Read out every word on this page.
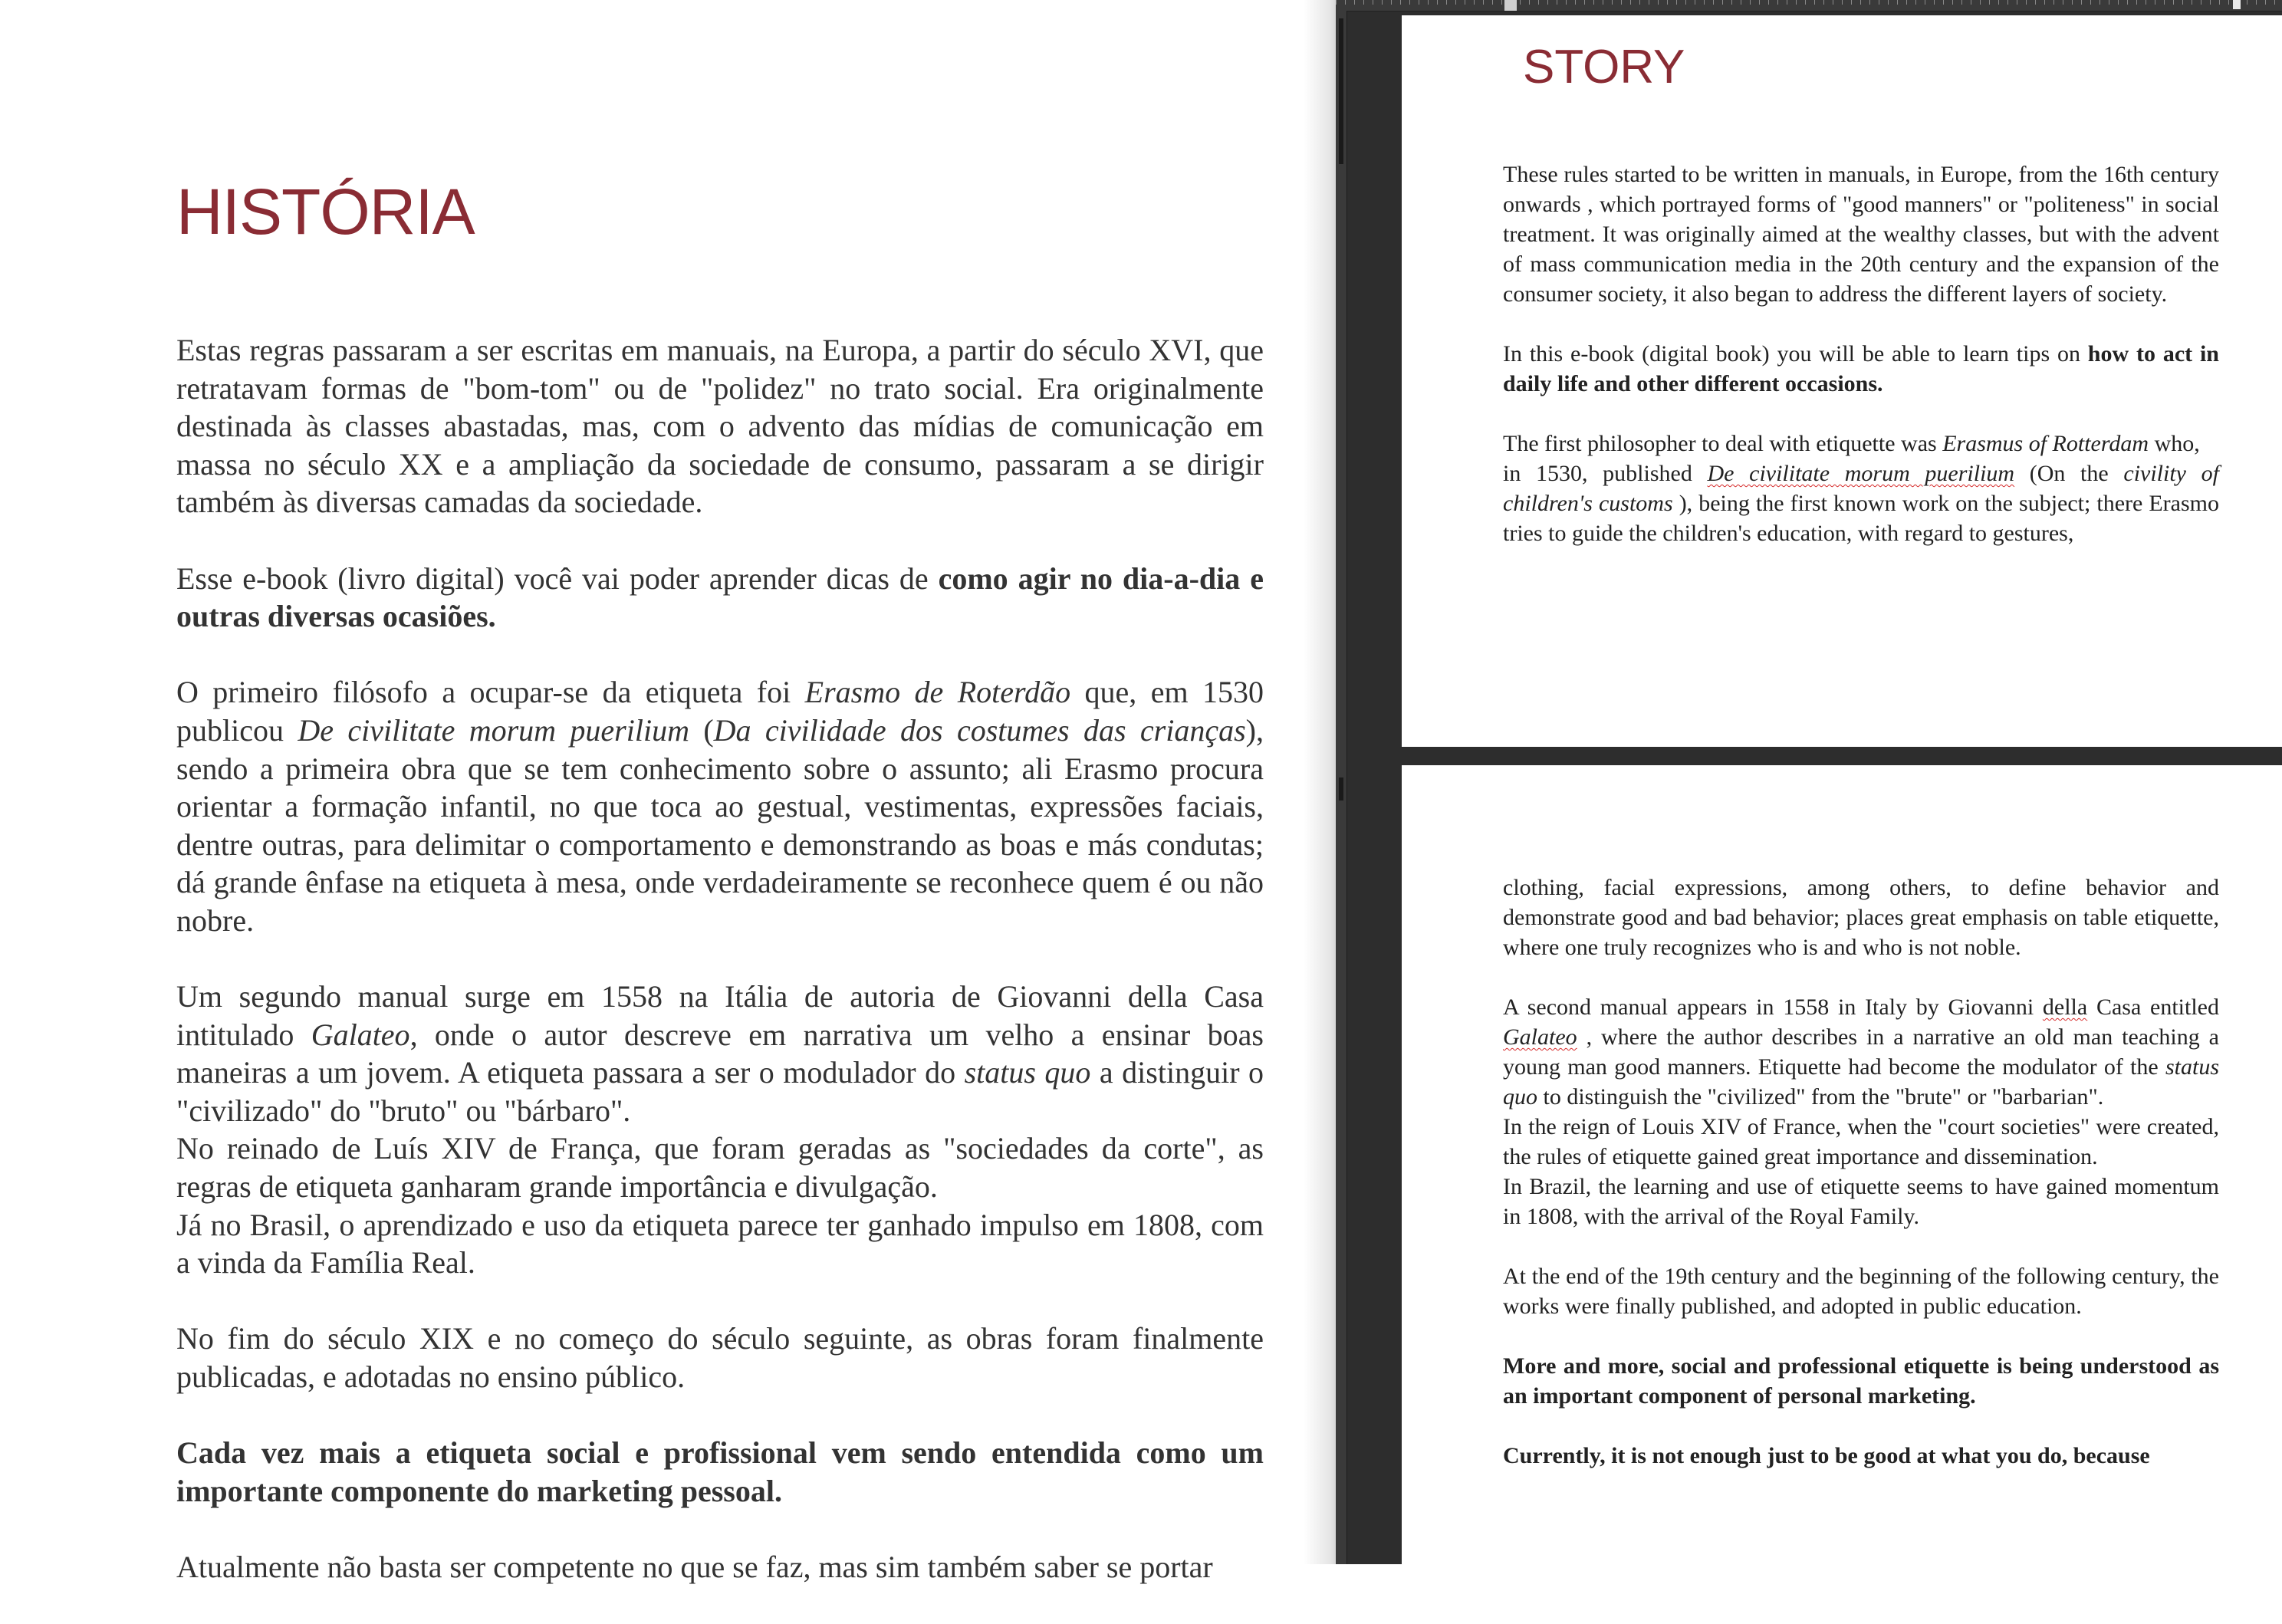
HISTÓRIA

Estas regras passaram a ser escritas em manuais, na Europa, a partir do século XVI, que retratavam formas de "bom-tom" ou de "polidez" no trato social. Era originalmente destinada às classes abastadas, mas, com o advento das mídias de comunicação em massa no século XX e a ampliação da sociedade de consumo, passaram a se dirigir também às diversas camadas da sociedade.

Esse e-book (livro digital) você vai poder aprender dicas de como agir no dia-a-dia e outras diversas ocasiões.

O primeiro filósofo a ocupar-se da etiqueta foi Erasmo de Roterdão que, em 1530 publicou De civilitate morum puerilium (Da civilidade dos costumes das crianças), sendo a primeira obra que se tem conhecimento sobre o assunto; ali Erasmo procura orientar a formação infantil, no que toca ao gestual, vestimentas, expressões faciais, dentre outras, para delimitar o comportamento e demonstrando as boas e más condutas; dá grande ênfase na etiqueta à mesa, onde verdadeiramente se reconhece quem é ou não nobre.

Um segundo manual surge em 1558 na Itália de autoria de Giovanni della Casa intitulado Galateo, onde o autor descreve em narrativa um velho a ensinar boas maneiras a um jovem. A etiqueta passara a ser o modulador do status quo a distinguir o "civilizado" do "bruto" ou "bárbaro".

No reinado de Luís XIV de França, que foram geradas as "sociedades da corte", as regras de etiqueta ganharam grande importância e divulgação.

Já no Brasil, o aprendizado e uso da etiqueta parece ter ganhado impulso em 1808, com a vinda da Família Real.

No fim do século XIX e no começo do século seguinte, as obras foram finalmente publicadas, e adotadas no ensino público.

Cada vez mais a etiqueta social e profissional vem sendo entendida como um importante componente do marketing pessoal.

Atualmente não basta ser competente no que se faz, mas sim também saber se portar

STORY

These rules started to be written in manuals, in Europe, from the 16th century onwards , which portrayed forms of "good manners" or "politeness" in social treatment. It was originally aimed at the wealthy classes, but with the advent of mass communication media in the 20th century and the expansion of the consumer society, it also began to address the different layers of society.

In this e-book (digital book) you will be able to learn tips on how to act in daily life and other different occasions.

The first philosopher to deal with etiquette was Erasmus of Rotterdam who,
in 1530, published De civilitate morum puerilium (On the civility of children's customs ), being the first known work on the subject; there Erasmo tries to guide the children's education, with regard to gestures,

clothing, facial expressions, among others, to define behavior and demonstrate good and bad behavior; places great emphasis on table etiquette, where one truly recognizes who is and who is not noble.

A second manual appears in 1558 in Italy by Giovanni della Casa entitled Galateo , where the author describes in a narrative an old man teaching a young man good manners. Etiquette had become the modulator of the status quo to distinguish the "civilized" from the "brute" or "barbarian".

In the reign of Louis XIV of France, when the "court societies" were created, the rules of etiquette gained great importance and dissemination.

In Brazil, the learning and use of etiquette seems to have gained momentum in 1808, with the arrival of the Royal Family.

At the end of the 19th century and the beginning of the following century, the works were finally published, and adopted in public education.

More and more, social and professional etiquette is being understood as an important component of personal marketing.

Currently, it is not enough just to be good at what you do, because
